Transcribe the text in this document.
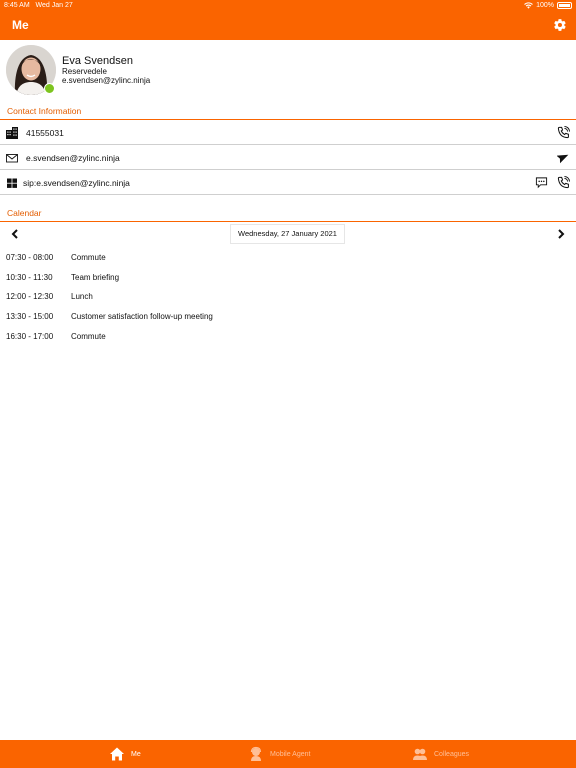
8:45 AM Wed Jan 27	100%
Me
Eva Svendsen
Reservedele
e.svendsen@zylinc.ninja
Contact Information
41555031
e.svendsen@zylinc.ninja
sip:e.svendsen@zylinc.ninja
Calendar
Wednesday, 27 January 2021
07:30 - 08:00 Commute
10:30 - 11:30 Team briefing
12:00 - 12:30 Lunch
13:30 - 15:00 Customer satisfaction follow-up meeting
16:30 - 17:00 Commute
Me	Mobile Agent	Colleagues
